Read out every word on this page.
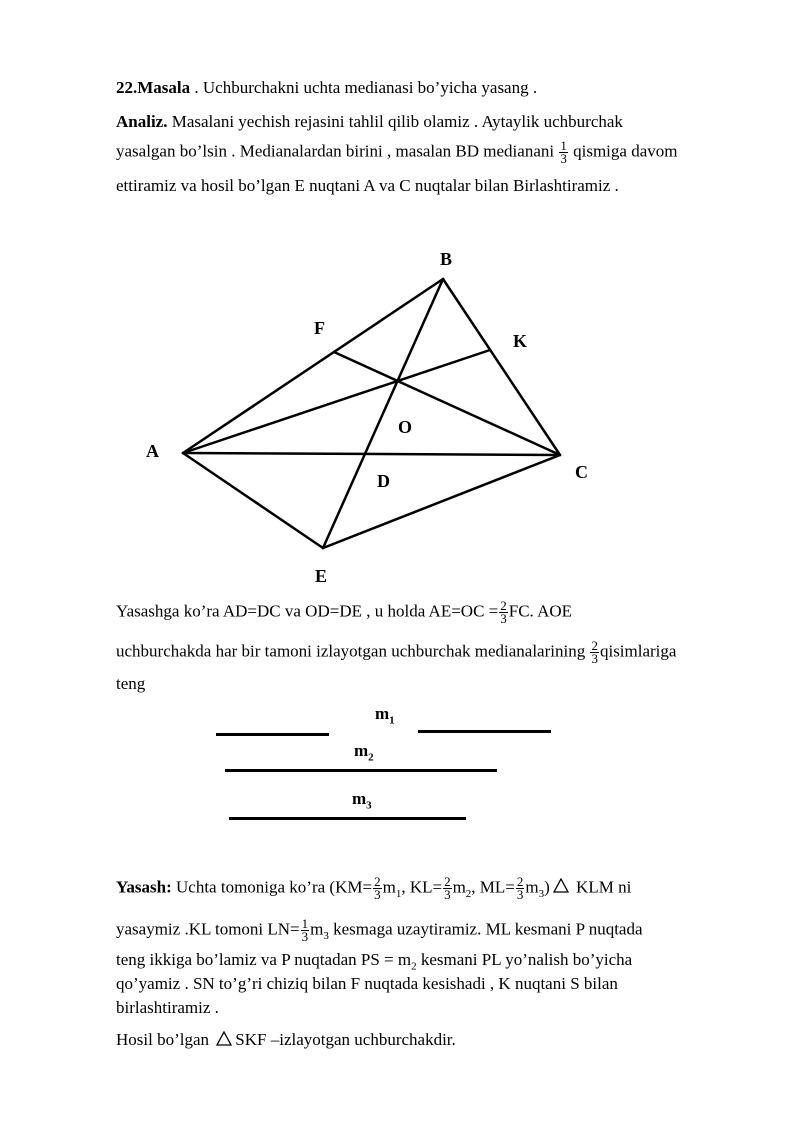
22.Masala . Uchburchakni uchta medianasi bo’yicha yasang .
Analiz. Masalani yechish rejasini tahlil qilib olamiz . Aytaylik uchburchak
yasalgan bo’lsin . Medianalardan birini , masalan BD medianani $\frac{1}{3}$ qismiga davom
ettiramiz va hosil bo’lgan E nuqtani A va C nuqtalar bilan Birlashtiramiz .
B
F
K
O
A
C
D
E
Yasashga ko’ra AD=DC va OD=DE , u holda $AE=OC = \frac{2}{3}$ FC. AOE
uchburchakda har bir tamoni izlayotgan uchburchak medianalarining $\frac{2}{3}$ qisimlariga
teng
$m_1$
$m_2$
$m_3$
Yasash: Uchta tomoniga ko’ra ($KM= \frac{2}{3} m_1$, $KL= \frac{2}{3} m_2$, $ML= \frac{2}{3} m_3$) KLM ni
yasaymiz .KL tomoni $LN= \frac{1}{3} m_3$ kesmaga uzaytiramiz. ML kesmani P nuqtada
teng ikkiga bo’lamiz va P nuqtadan PS = $m_2$ kesmani PL yo’nalish bo’yicha
qo’yamiz . SN to’g’ri chiziq bilan F nuqtada kesishadi , K nuqtani S bilan
birlashtiramiz .
Hosil bo’lgan SKF –izlayotgan uchburchakdir.
